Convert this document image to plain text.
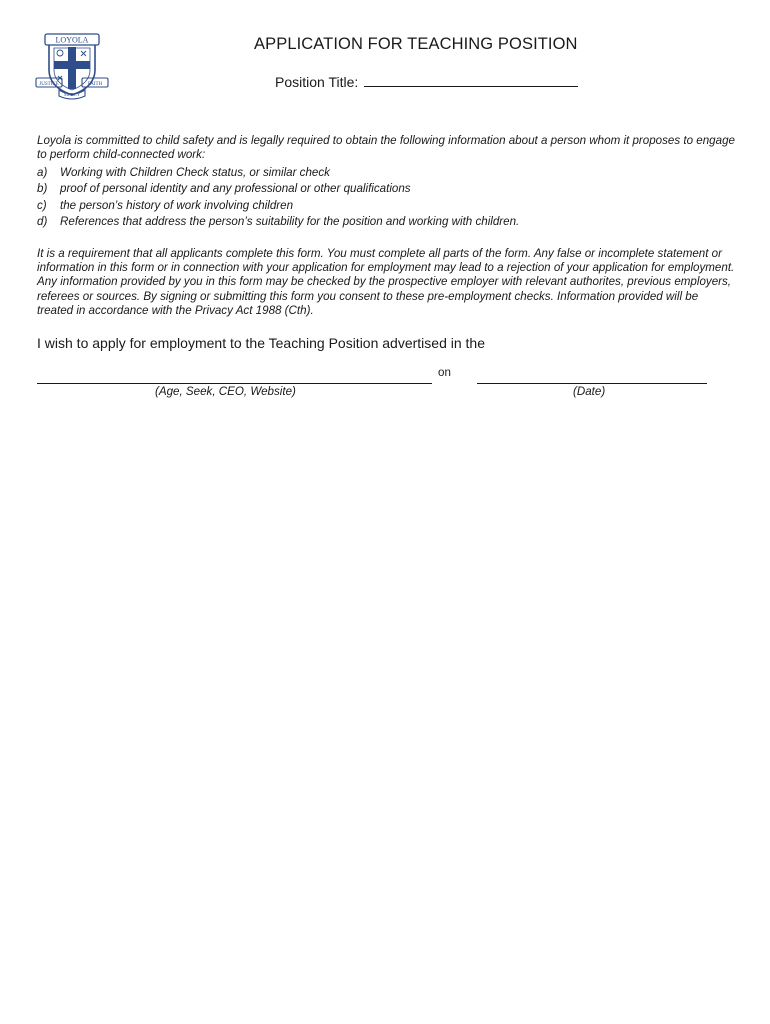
LOYOLA
JUSTICE	FAITH
MERCY
APPLICATION FOR TEACHING POSITION
Position Title:
Loyola is committed to child safety and is legally required to obtain the following information about a person whom it proposes to engage to perform child-connected work:
a) Working with Children Check status, or similar check
b) proof of personal identity and any professional or other qualifications
c) the person’s history of work involving children
d) References that address the person’s suitability for the position and working with children.
It is a requirement that all applicants complete this form. You must complete all parts of the form. Any false or incomplete statement or information in this form or in connection with your application for employment may lead to a rejection of your application for employment. Any information provided by you in this form may be checked by the prospective employer with relevant authorites, previous employers, referees or sources. By signing or submitting this form you consent to these pre-employment checks. Information provided will be treated in accordance with the Privacy Act 1988 (Cth).
I wish to apply for employment to the Teaching Position advertised in the
on
(Age, Seek, CEO, Website)	(Date)
